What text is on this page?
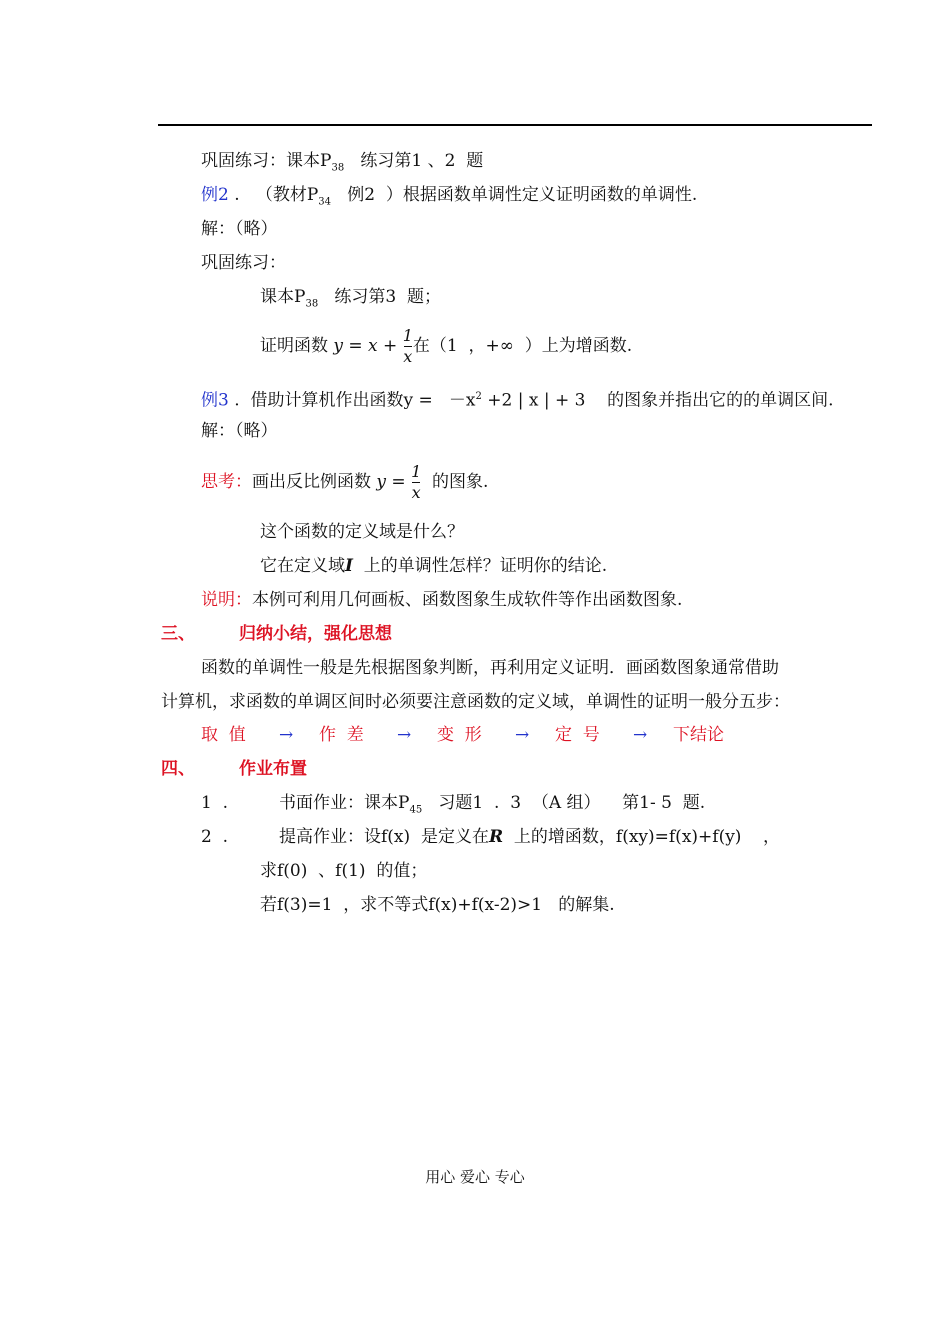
巩固练习：课本$P_{38}$   练习第1 、2  题
例2 .   （教材$P_{34}$   例2  ）根据函数单调性定义证明函数的单调性.
解：（略）
巩固练习：
课本$P_{38}$   练习第3  题；
证明函数 $y = x + \frac{1}{x}$在（1  ，+∞  ）上为增函数.
例3 .  借助计算机作出函数$y = -x^2 +2$ | x | + 3    的图象并指出它的的单调区间.
解：（略）
思考：画出反比例函数 $y = \frac{1}{x}$  的图象.
这个函数的定义域是什么？
它在定义域I  上的单调性怎样？证明你的结论.
说明：本例可利用几何画板、函数图象生成软件等作出函数图象.
三、	归纳小结，强化思想
函数的单调性一般是先根据图象判断，再利用定义证明．画函数图象通常借助
计算机，求函数的单调区间时必须要注意函数的定义域，单调性的证明一般分五步：
取  值 → 作  差 → 变  形 → 定  号 → 下结论
四、	作业布置
1  .	书面作业：课本$P_{45}$   习题1  .  3  （A 组）    第1- 5  题.
2  .	提高作业：设f(x)  是定义在R  上的增函数，f(xy)=f(x)+f(y)    ，
求f(0)  、f(1)  的值；
若f(3)=1  ，求不等式f(x)+f(x-2)>1   的解集.
用心 爱心 专心
